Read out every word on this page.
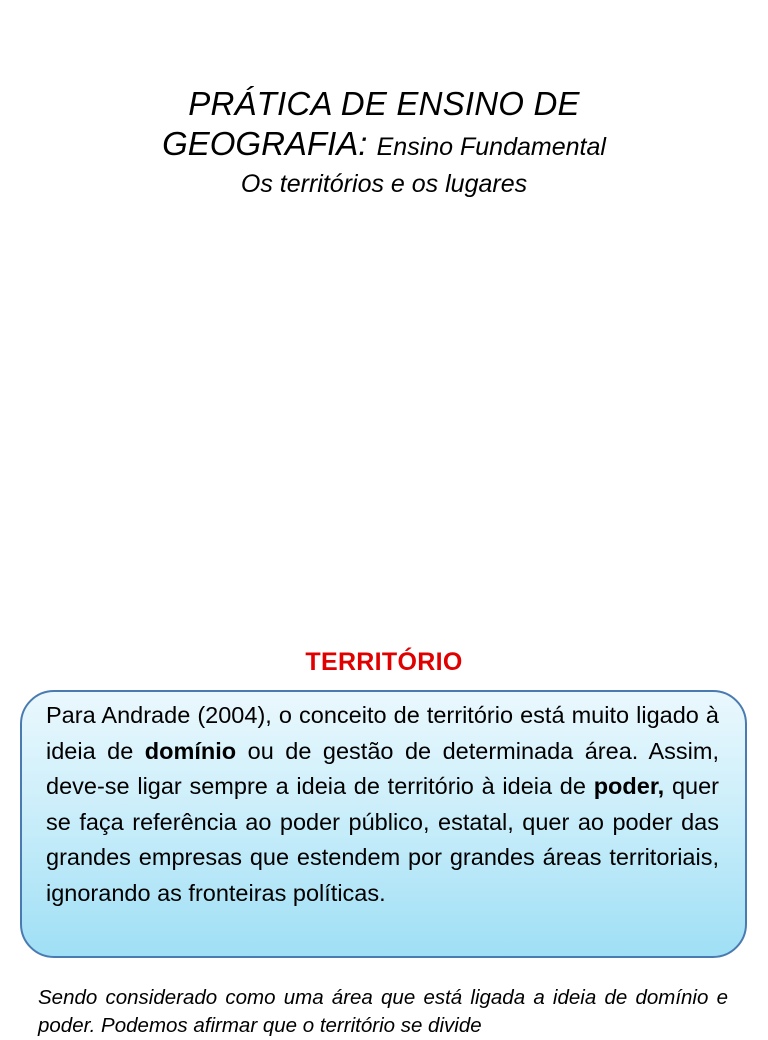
PRÁTICA DE ENSINO DE
GEOGRAFIA: Ensino Fundamental
Os territórios e os lugares
TERRITÓRIO

Para Andrade (2004), o conceito de território está muito ligado à ideia de domínio ou de gestão de determinada área. Assim, deve-se ligar sempre a ideia de território à ideia de poder, quer se faça referência ao poder público, estatal, quer ao poder das grandes empresas que estendem por grandes áreas territoriais, ignorando as fronteiras políticas.

Sendo considerado como uma área que está ligada a ideia de domínio e poder. Podemos afirmar que o território se divide
